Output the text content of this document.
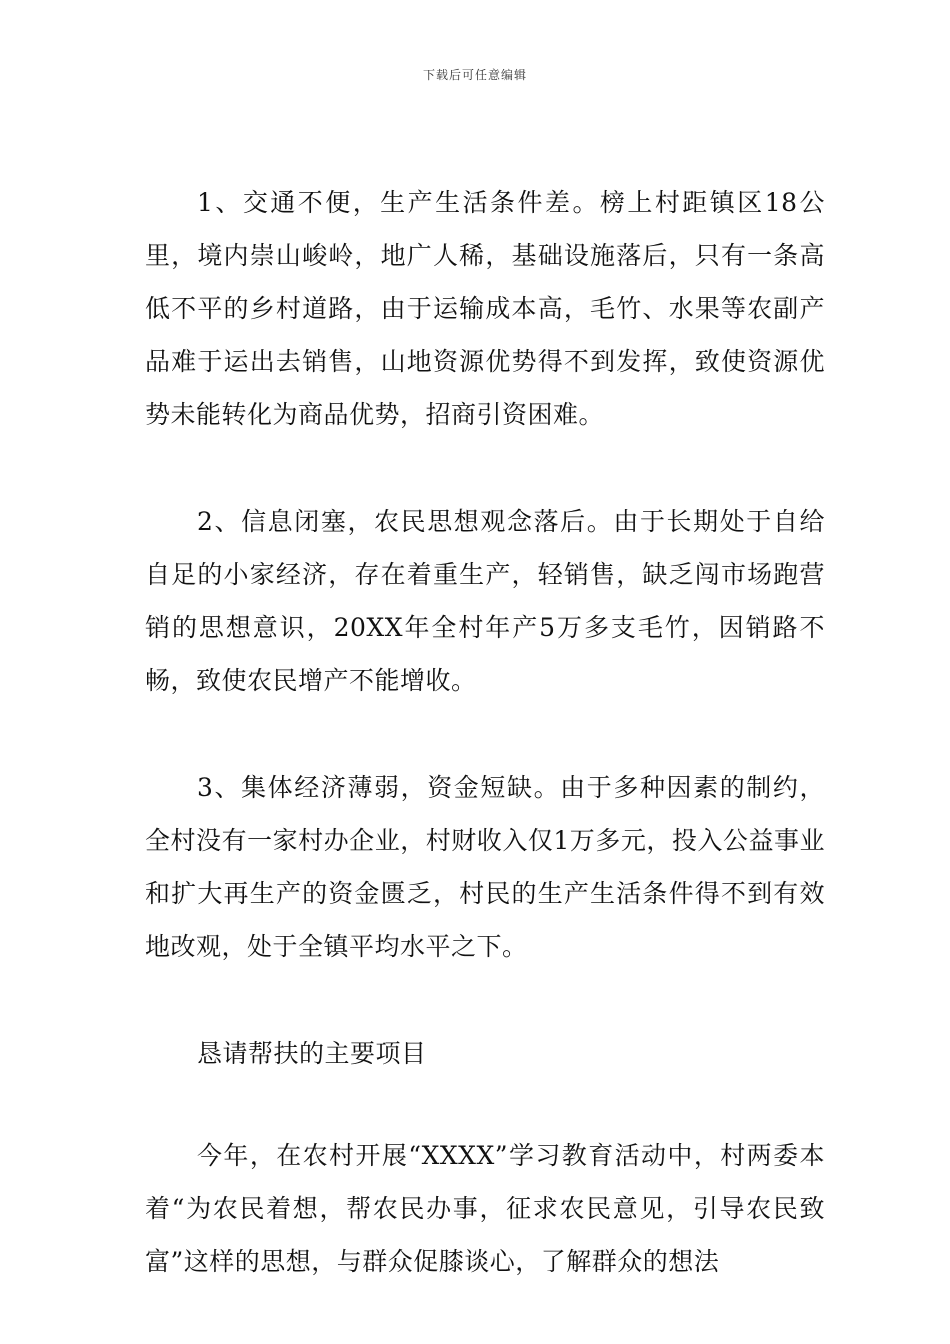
下载后可任意编辑

1、交通不便，生产生活条件差。榜上村距镇区18公里，境内崇山峻岭，地广人稀，基础设施落后，只有一条高低不平的乡村道路，由于运输成本高，毛竹、水果等农副产品难于运出去销售，山地资源优势得不到发挥，致使资源优势未能转化为商品优势，招商引资困难。

2、信息闭塞，农民思想观念落后。由于长期处于自给自足的小家经济，存在着重生产，轻销售，缺乏闯市场跑营销的思想意识，20XX年全村年产5万多支毛竹，因销路不畅，致使农民增产不能增收。

3、集体经济薄弱，资金短缺。由于多种因素的制约，全村没有一家村办企业，村财收入仅1万多元，投入公益事业和扩大再生产的资金匮乏，村民的生产生活条件得不到有效地改观，处于全镇平均水平之下。

恳请帮扶的主要项目

今年，在农村开展“XXXX”学习教育活动中，村两委本着“为农民着想，帮农民办事，征求农民意见，引导农民致富”这样的思想，与群众促膝谈心，了解群众的想法
